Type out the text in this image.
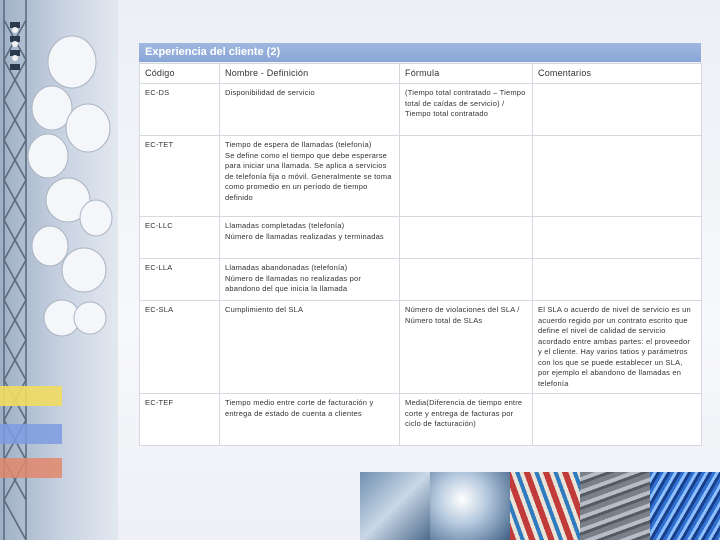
Experiencia del cliente (2)
Código	Nombre - Definición	Fórmula	Comentarios
EC-DS	Disponibilidad de servicio	(Tiempo total contratado – Tiempo total de caídas de servicio) / Tiempo total contratado	
EC-TET	Tiempo de espera de llamadas (telefonía)
Se define como el tiempo que debe esperarse para iniciar una llamada. Se aplica a servicios de telefonía fija o móvil. Generalmente se toma como promedio en un período de tiempo definido		
EC-LLC	Llamadas completadas (telefonía)
Número de llamadas realizadas y terminadas		
EC-LLA	Llamadas abandonadas (telefonía)
Número de llamadas no realizadas por abandono del que inicia la llamada		
EC-SLA	Cumplimiento del SLA	Número de violaciones del SLA / Número total de SLAs	El SLA o acuerdo de nivel de servicio es un acuerdo regido por un contrato escrito que define el nivel de calidad de servicio acordado entre ambas partes: el proveedor y el cliente. Hay varios tatios y parámetros con los que se puede establecer un SLA, por ejemplo el abandono de llamadas en telefonía
EC-TEF	Tiempo medio entre corte de facturación y entrega de estado de cuenta a clientes	Media(Diferencia de tiempo entre corte y entrega de facturas por ciclo de facturación)	
